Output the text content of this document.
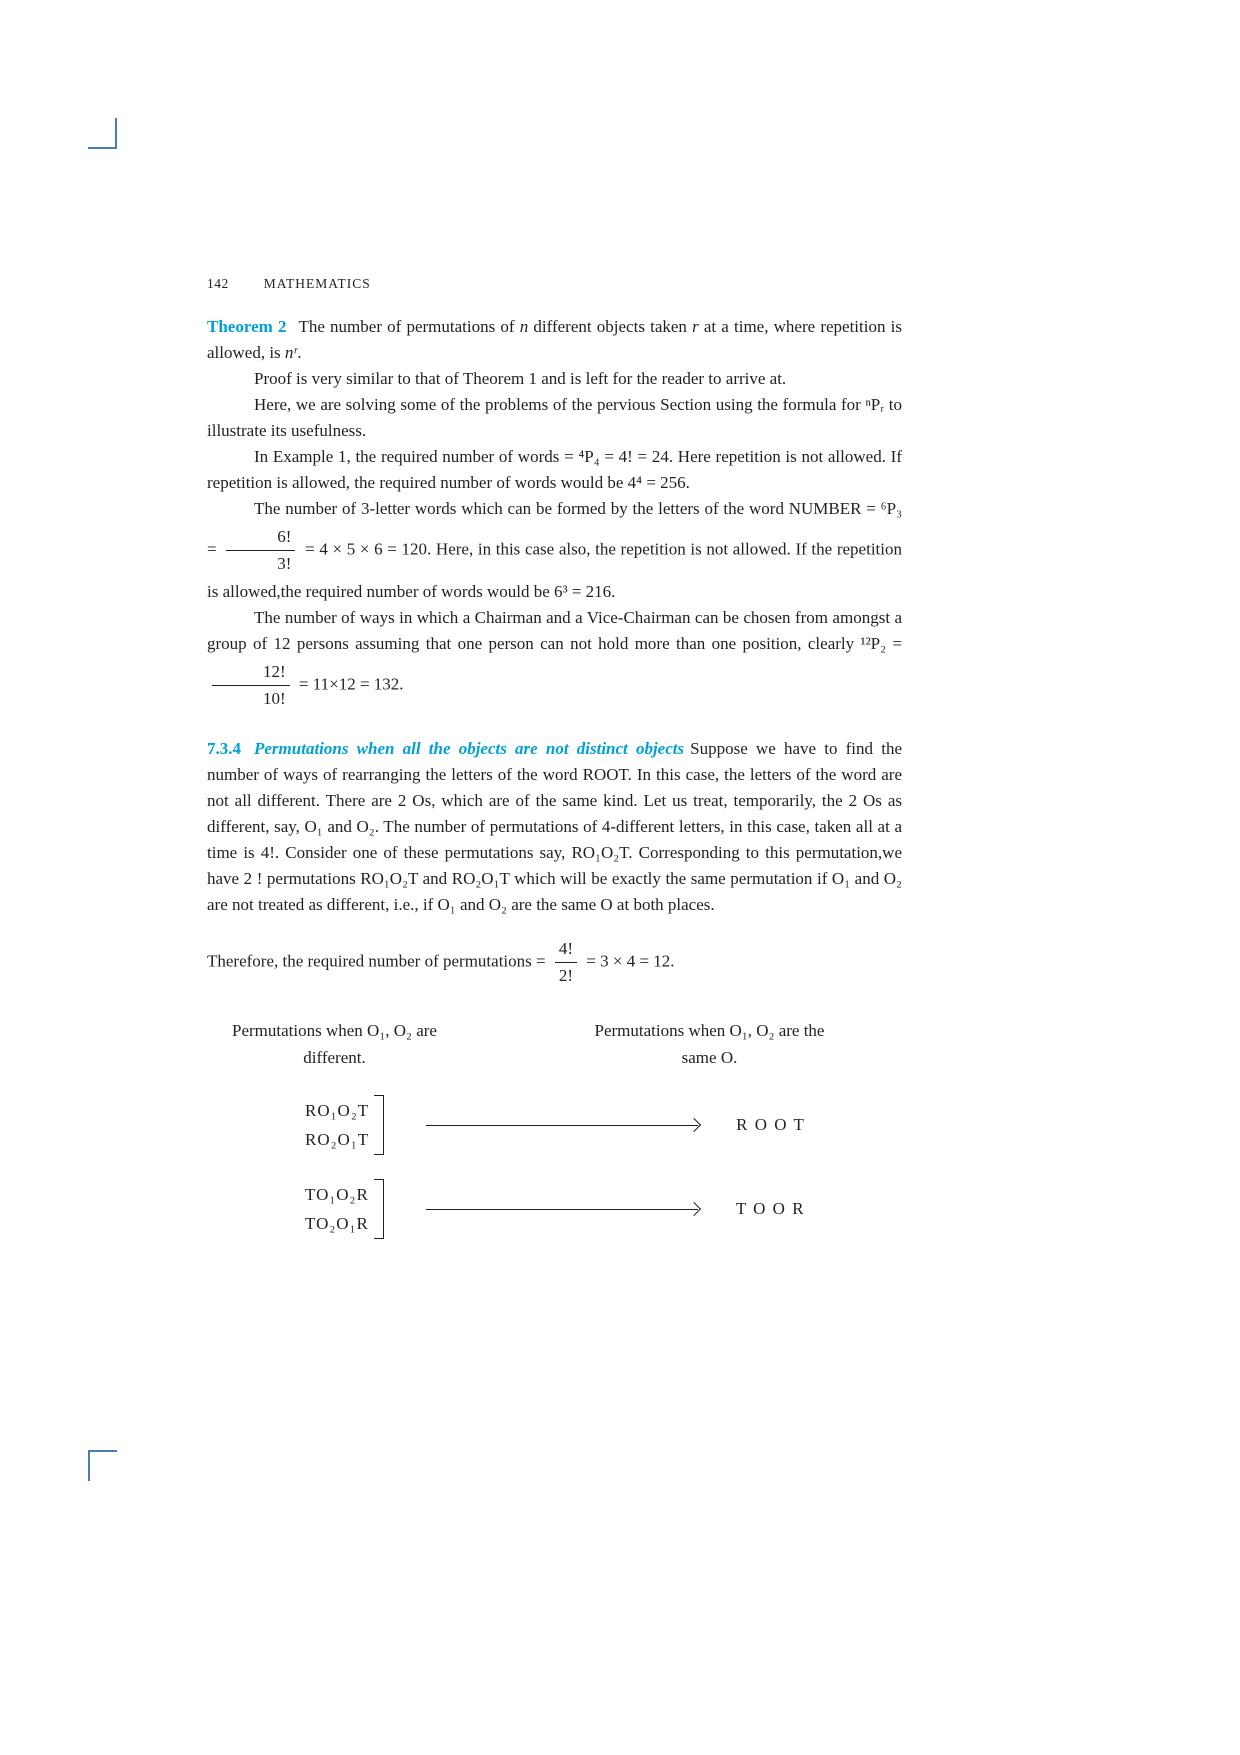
142	MATHEMATICS

Theorem 2 The number of permutations of n different objects taken r at a time, where repetition is allowed, is nʳ.

Proof is very similar to that of Theorem 1 and is left for the reader to arrive at.

Here, we are solving some of the problems of the pervious Section using the formula for ⁿPᵣ to illustrate its usefulness.

In Example 1, the required number of words = ⁴P₄ = 4! = 24. Here repetition is not allowed. If repetition is allowed, the required number of words would be 4⁴ = 256.

The number of 3-letter words which can be formed by the letters of the word NUMBER = $^6P_3 = \frac{6!}{3!} = 4 \times 5 \times 6 = 120$. Here, in this case also, the repetition is not allowed. If the repetition is allowed,the required number of words would be 6³ = 216.

The number of ways in which a Chairman and a Vice-Chairman can be chosen from amongst a group of 12 persons assuming that one person can not hold more than one position, clearly ¹²P₂ =
$\frac{12!}{10!} = 11\times 12 = 132$.

7.3.4 Permutations when all the objects are not distinct objects Suppose we have to find the number of ways of rearranging the letters of the word ROOT. In this case, the letters of the word are not all different. There are 2 Os, which are of the same kind. Let us treat, temporarily, the 2 Os as different, say, O₁ and O₂. The number of permutations of 4-different letters, in this case, taken all at a time is 4!. Consider one of these permutations say, RO₁O₂T. Corresponding to this permutation,we have 2 ! permutations RO₁O₂T and RO₂O₁T which will be exactly the same permutation if O₁ and O₂ are not treated as different, i.e., if O₁ and O₂ are the same O at both places.

Therefore, the required number of permutations = $\frac{4!}{2!} = 3 \times 4 = 12$.

Permutations when O₁, O₂ are different.
Permutations when O₁, O₂ are the same O.
RO₁O₂T
RO₂O₁T
R O O T
TO₁O₂R
TO₂O₁R
T O O R
